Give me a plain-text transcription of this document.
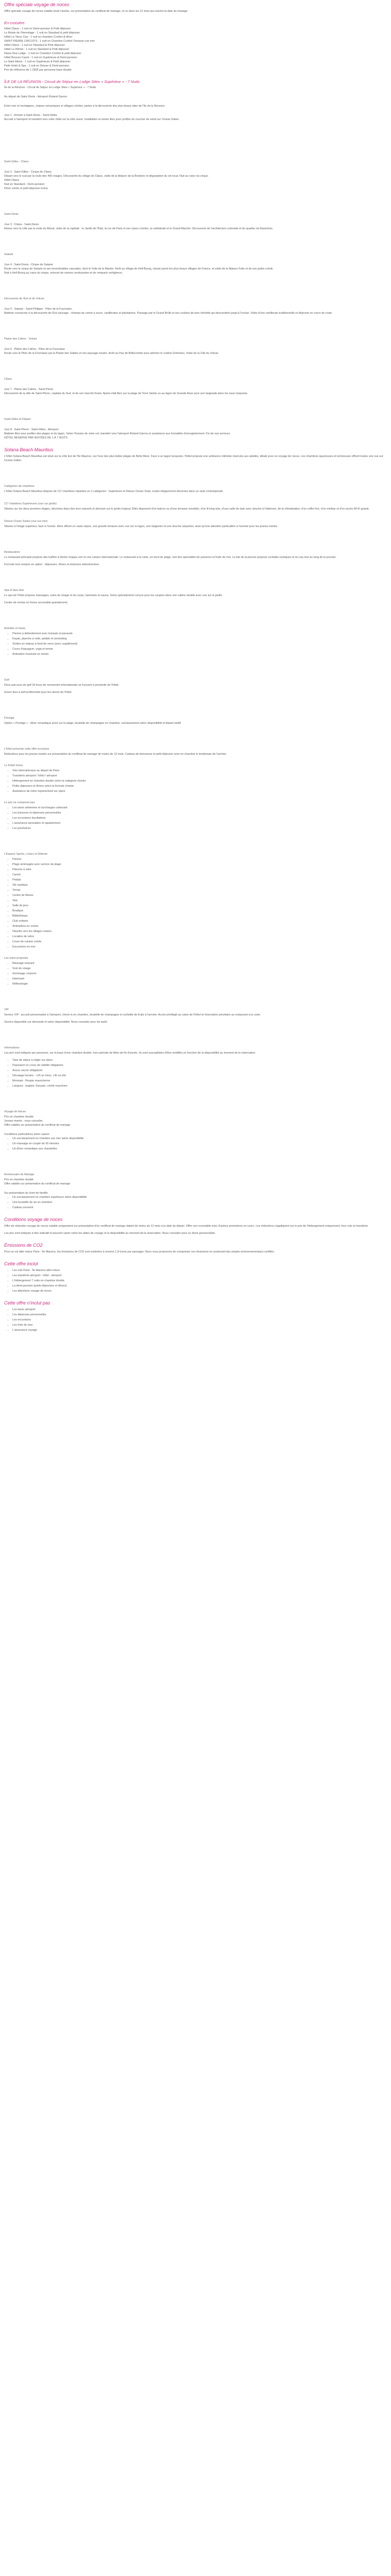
Offre spéciale voyage de noces

Offre spéciale voyage de noces valable toute l'année, sur présentation du certificat de mariage, et ce dans les 12 mois qui suivent la date du mariage.

En croisière
Hôtel Cilaos - 1 nuit en Demi-pension & Petit déjeuner
Le Relais de l'Hermitage - 1 nuit en Standard & petit déjeuner
Hôtel Le Vieux Cep - 1 nuit en chambre Confort & dîner
SAINT PIERRE CIRCUITS - 1 nuit en Chambre Confort Terrasse vue mer
Hôtel Cilaos - 1 nuit en Standard & Petit déjeuner
Hôtel Le Pétrée - 1 nuit en Standard & Petit déjeuner
Diana Dea Lodge - 1 nuit en Chambre Confort & petit déjeuner
Hôtel Boucan Canot - 1 nuit en Supérieure & Demi-pension
Le Saint Alexis - 1 nuit en Supérieure & Petit déjeuner
Palm Hotel & Spa - 1 nuit en Deluxe & Demi-pension
Prix de référence de 1 260€ par personne base double
ÎLE DE LA RÉUNION - Circuit de Séjour en Lodge Sites « Supérieur » - 7 Nuits
Île de la Réunion - Circuit de Séjour en Lodge Sites « Supérieur » - 7 Nuits
Au départ de Saint-Denis - Aéroport Roland Garros
Entre mer et montagnes, cirques volcaniques et villages créoles, partez à la découverte des plus beaux sites de l'île de la Réunion.
Jour 1 : Arrivée à Saint-Denis - Saint-Gilles
Accueil à l'aéroport et transfert vers votre hôtel sur la côte ouest. Installation et soirée libre pour profiter du coucher de soleil sur l'océan Indien.
Saint-Gilles - Cilaos
Jour 2 : Saint-Gilles - Cirque de Cilaos
Départ vers le sud par la route des 400 virages. Découverte du village de Cilaos, visite de la Maison de la Broderie et dégustation du vin local. Nuit au cœur du cirque.
Hôtel Cilaos
Nuit en Standard - Demi-pension
Dîner créole et petit déjeuner inclus
Saint-Denis
Jour 3 : Cilaos - Saint-Denis
Retour vers la côte par la route du littoral, visite de la capitale : le Jardin de l'État, la rue de Paris et ses cases créoles, la cathédrale et le Grand Marché. Découverte de l'architecture coloniale et du quartier du Barachois.
Salazie
Jour 4 : Saint-Denis - Cirque de Salazie
Route vers le cirque de Salazie et ses innombrables cascades, dont le Voile de la Mariée. Arrêt au village de Hell-Bourg, classé parmi les plus beaux villages de France, et visite de la Maison Folio et de son jardin créole.
Nuit à Hell-Bourg au cœur du cirque, entouré de ravines verdoyantes et de remparts vertigineux.
Découverte de l'Est et du Volcan
Jour 5 : Salazie - Saint-Philippe - Piton de la Fournaise
Matinée consacrée à la découverte de l'Est sauvage : champs de canne à sucre, vanilleraies et plantations. Passage par le Grand Brûlé et ses coulées de lave refroidie qui descendent jusqu'à l'océan. Visite d'une vanilleraie traditionnelle et déjeuner en cours de route.
Plaine des Cafres - Volcan
Jour 6 : Plaine des Cafres - Piton de la Fournaise
Route vers le Piton de la Fournaise par la Plaine des Sables et son paysage lunaire. Arrêt au Pas de Bellecombe pour admirer le cratère Dolomieu. Visite de la Cité du Volcan.
Cilaos
Jour 7 : Plaine des Cafres - Saint-Pierre
Découverte de la ville de Saint-Pierre, capitale du Sud, et de son marché forain. Après-midi libre sur la plage de Terre Sainte ou au lagon de Grande Anse pour une baignade dans les eaux turquoise.
Saint-Gilles et Départ
Jour 8 : Saint-Pierre - Saint-Gilles - Aéroport
Matinée libre pour profiter des plages et du lagon. Selon l'horaire de votre vol, transfert vers l'aéroport Roland Garros et assistance aux formalités d'enregistrement. Fin de nos services.
HÔTEL RÉSERVÉ PAR NUITÉES DE 1 À 7 NUITS
Solana Beach Mauritius

L'hôtel Solana Beach Mauritius est situé sur la côte Est de l'île Maurice, sur l'une des plus belles plages de Belle Mare. Face à un lagon turquoise, l'hôtel propose une ambiance intimiste réservée aux adultes, idéale pour un voyage de noces. Les chambres spacieuses et lumineuses offrent toutes une vue sur l'océan Indien.

Catégories de chambres

L'hôtel Solana Beach Mauritius dispose de 117 chambres réparties en 2 catégories : Supérieure et Deluxe Ocean Suite, toutes élégamment décorées dans un style contemporain.

117 chambres Supérieures (vue sur jardin)

Situées sur les deux premiers étages, décorées dans des tons naturels et donnant sur le jardin tropical. Elles disposent d'un balcon ou d'une terrasse meublée, d'un lit king-size, d'une salle de bain avec douche à l'italienne, de la climatisation, d'un coffre-fort, d'un minibar et d'un accès Wi-Fi gratuit.

Deluxe Ocean Suites (vue sur mer)

Situées à l'étage supérieur, face à l'océan. Elles offrent un vaste séjour, une grande terrasse avec vue sur le lagon, une baignoire et une douche séparées, ainsi qu'une attention particulière à l'arrivée pour les jeunes mariés.

Restauration

Le restaurant principal propose des buffets à thème chaque soir et une cuisine internationale. Le restaurant à la carte, en bord de plage, sert des spécialités de poissons et fruits de mer. Le bar de la piscine propose cocktails exotiques et en-cas tout au long de la journée.

Formule tout compris en option : déjeuners, dîners et boissons sélectionnées.

Spa et bien-être

Le spa de l'hôtel propose massages, soins du visage et du corps, hammam et sauna. Soins spécialement conçus pour les couples dans une cabine double avec vue sur le jardin.

Centre de remise en forme accessible gratuitement.

Activités et loisirs
• Piscine à débordement avec transats et parasols
• Kayak, planche à voile, pédalo et snorkeling
• Sorties en bateau à fond de verre (avec supplément)
• Cours d'aquagym, yoga et tennis
• Animation musicale en soirée
Golf

Deux parcours de golf 18 trous de renommée internationale se trouvent à proximité de l'hôtel.

Green fees à tarif préférentiel pour les clients de l'hôtel.

Prestige

Option « Prestige » : dîner romantique privé sur la plage, bouteille de champagne en chambre, surclassement selon disponibilité et départ tardif.

L'hôtel présente cette offre exclusive

Réductions pour les jeunes mariés sur présentation du certificat de mariage de moins de 12 mois. Cadeau de bienvenue et petit déjeuner servi en chambre le lendemain de l'arrivée.

Le forfait inclus
• Vols internationaux au départ de Paris
• Transferts aéroport / hôtel / aéroport
• Hébergement en chambre double selon la catégorie choisie
• Petits déjeuners et dîners selon la formule choisie
• Assistance de notre représentant sur place
Le prix ne comprend pas
• Les taxes aériennes et surcharges carburant
• Les boissons et dépenses personnelles
• Les excursions facultatives
• L'assurance annulation et rapatriement
• Les pourboires
L'Espace Sports, Loisirs et Détente
• Piscine
• Plage aménagée avec service de plage
• Planche à voile
• Canoë
• Pédalo
• Ski nautique
• Tennis
• Centre de fitness
• Spa
• Salle de jeux
• Boutique
• Bibliothèque
• Club enfants
• Animations en soirée
• Navette vers les villages voisins
• Location de vélos
• Cours de cuisine créole
• Excursions en mer
Les soins proposés
• Massage relaxant
• Soin du visage
• Gommage corporel
• Hammam
• Réflexologie
VIP

Service VIP : accueil personnalisé à l'aéroport, check-in en chambre, bouteille de champagne et corbeille de fruits à l'arrivée. Accès privilégié au salon de l'hôtel et réservation prioritaire au restaurant à la carte.

Service disponible sur demande et selon disponibilité. Nous consulter pour les tarifs.

Informations

Les prix sont indiqués par personne, sur la base d'une chambre double, hors période de fêtes de fin d'année. Ils sont susceptibles d'être modifiés en fonction de la disponibilité au moment de la réservation.

• Taxe de séjour à régler sur place
• Passeport en cours de validité obligatoire
• Aucun vaccin obligatoire
• Décalage horaire : +2h en hiver, +3h en été
• Monnaie : Roupie mauricienne
• Langues : anglais, français, créole mauricien
Voyage de Noces
Prix en chambre double
Jeunes mariés : nous consulter
Offre valable sur présentation du certificat de mariage
Conditions particulières selon saison.
• Un surclassement en chambre vue mer selon disponibilité
• Un massage en couple de 30 minutes
• Un dîner romantique aux chandelles
Anniversaire de Mariage
Prix en chambre double
Offre valable sur présentation du certificat de mariage
Sur présentation du livret de famille.
• Un surclassement en chambre supérieure selon disponibilité
• Une bouteille de vin en chambre
• Cadeau souvenir
Conditions voyage de noces

Offre de réduction voyage de noces valable uniquement sur présentation d'un certificat de mariage datant de moins de 12 mois à la date du départ. Offre non cumulable avec d'autres promotions en cours. Les réductions s'appliquent sur le prix de l'hébergement uniquement, hors vols et transferts.

Les prix sont indiqués à titre indicatif et peuvent varier selon les dates de voyage et la disponibilité au moment de la réservation. Nous consulter pour un devis personnalisé.

Émissions de CO2

Pour un vol aller-retour Paris - Île Maurice, les émissions de CO2 sont estimées à environ 1,8 tonne par passager. Nous vous proposons de compenser ces émissions en soutenant des projets environnementaux certifiés.

Cette offre inclut
• Les vols Paris - Île Maurice aller-retour
• Les transferts aéroport - hôtel - aéroport
• L'hébergement 7 nuits en chambre double
• La demi-pension (petits déjeuners et dîners)
• Les attentions voyage de noces
Cette offre n'inclut pas
• Les taxes aéroport
• Les dépenses personnelles
• Les excursions
• Les frais de visa
• L'assurance voyage
